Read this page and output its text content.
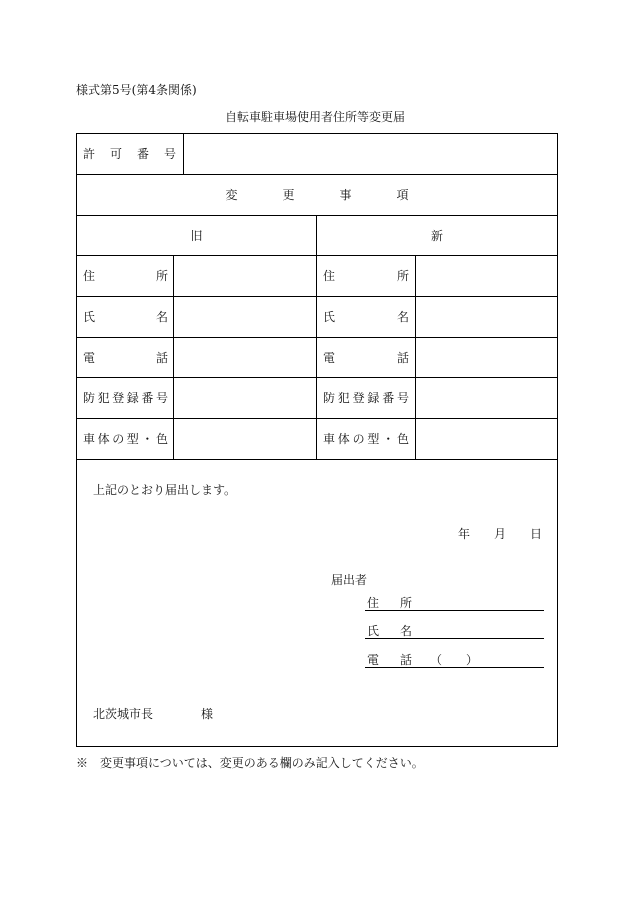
様式第5号(第4条関係)
自転車駐車場使用者住所等変更届
許可番号
変更事項
旧	新
住所	住所
氏名	氏名
電話	電話
防犯登録番号	防犯登録番号
車体の型・色	車体の型・色
上記のとおり届出します。
年　　月　　日
届出者
住所
氏名
電話 （　　）
北茨城市長　　　　様
※　変更事項については、変更のある欄のみ記入してください。
